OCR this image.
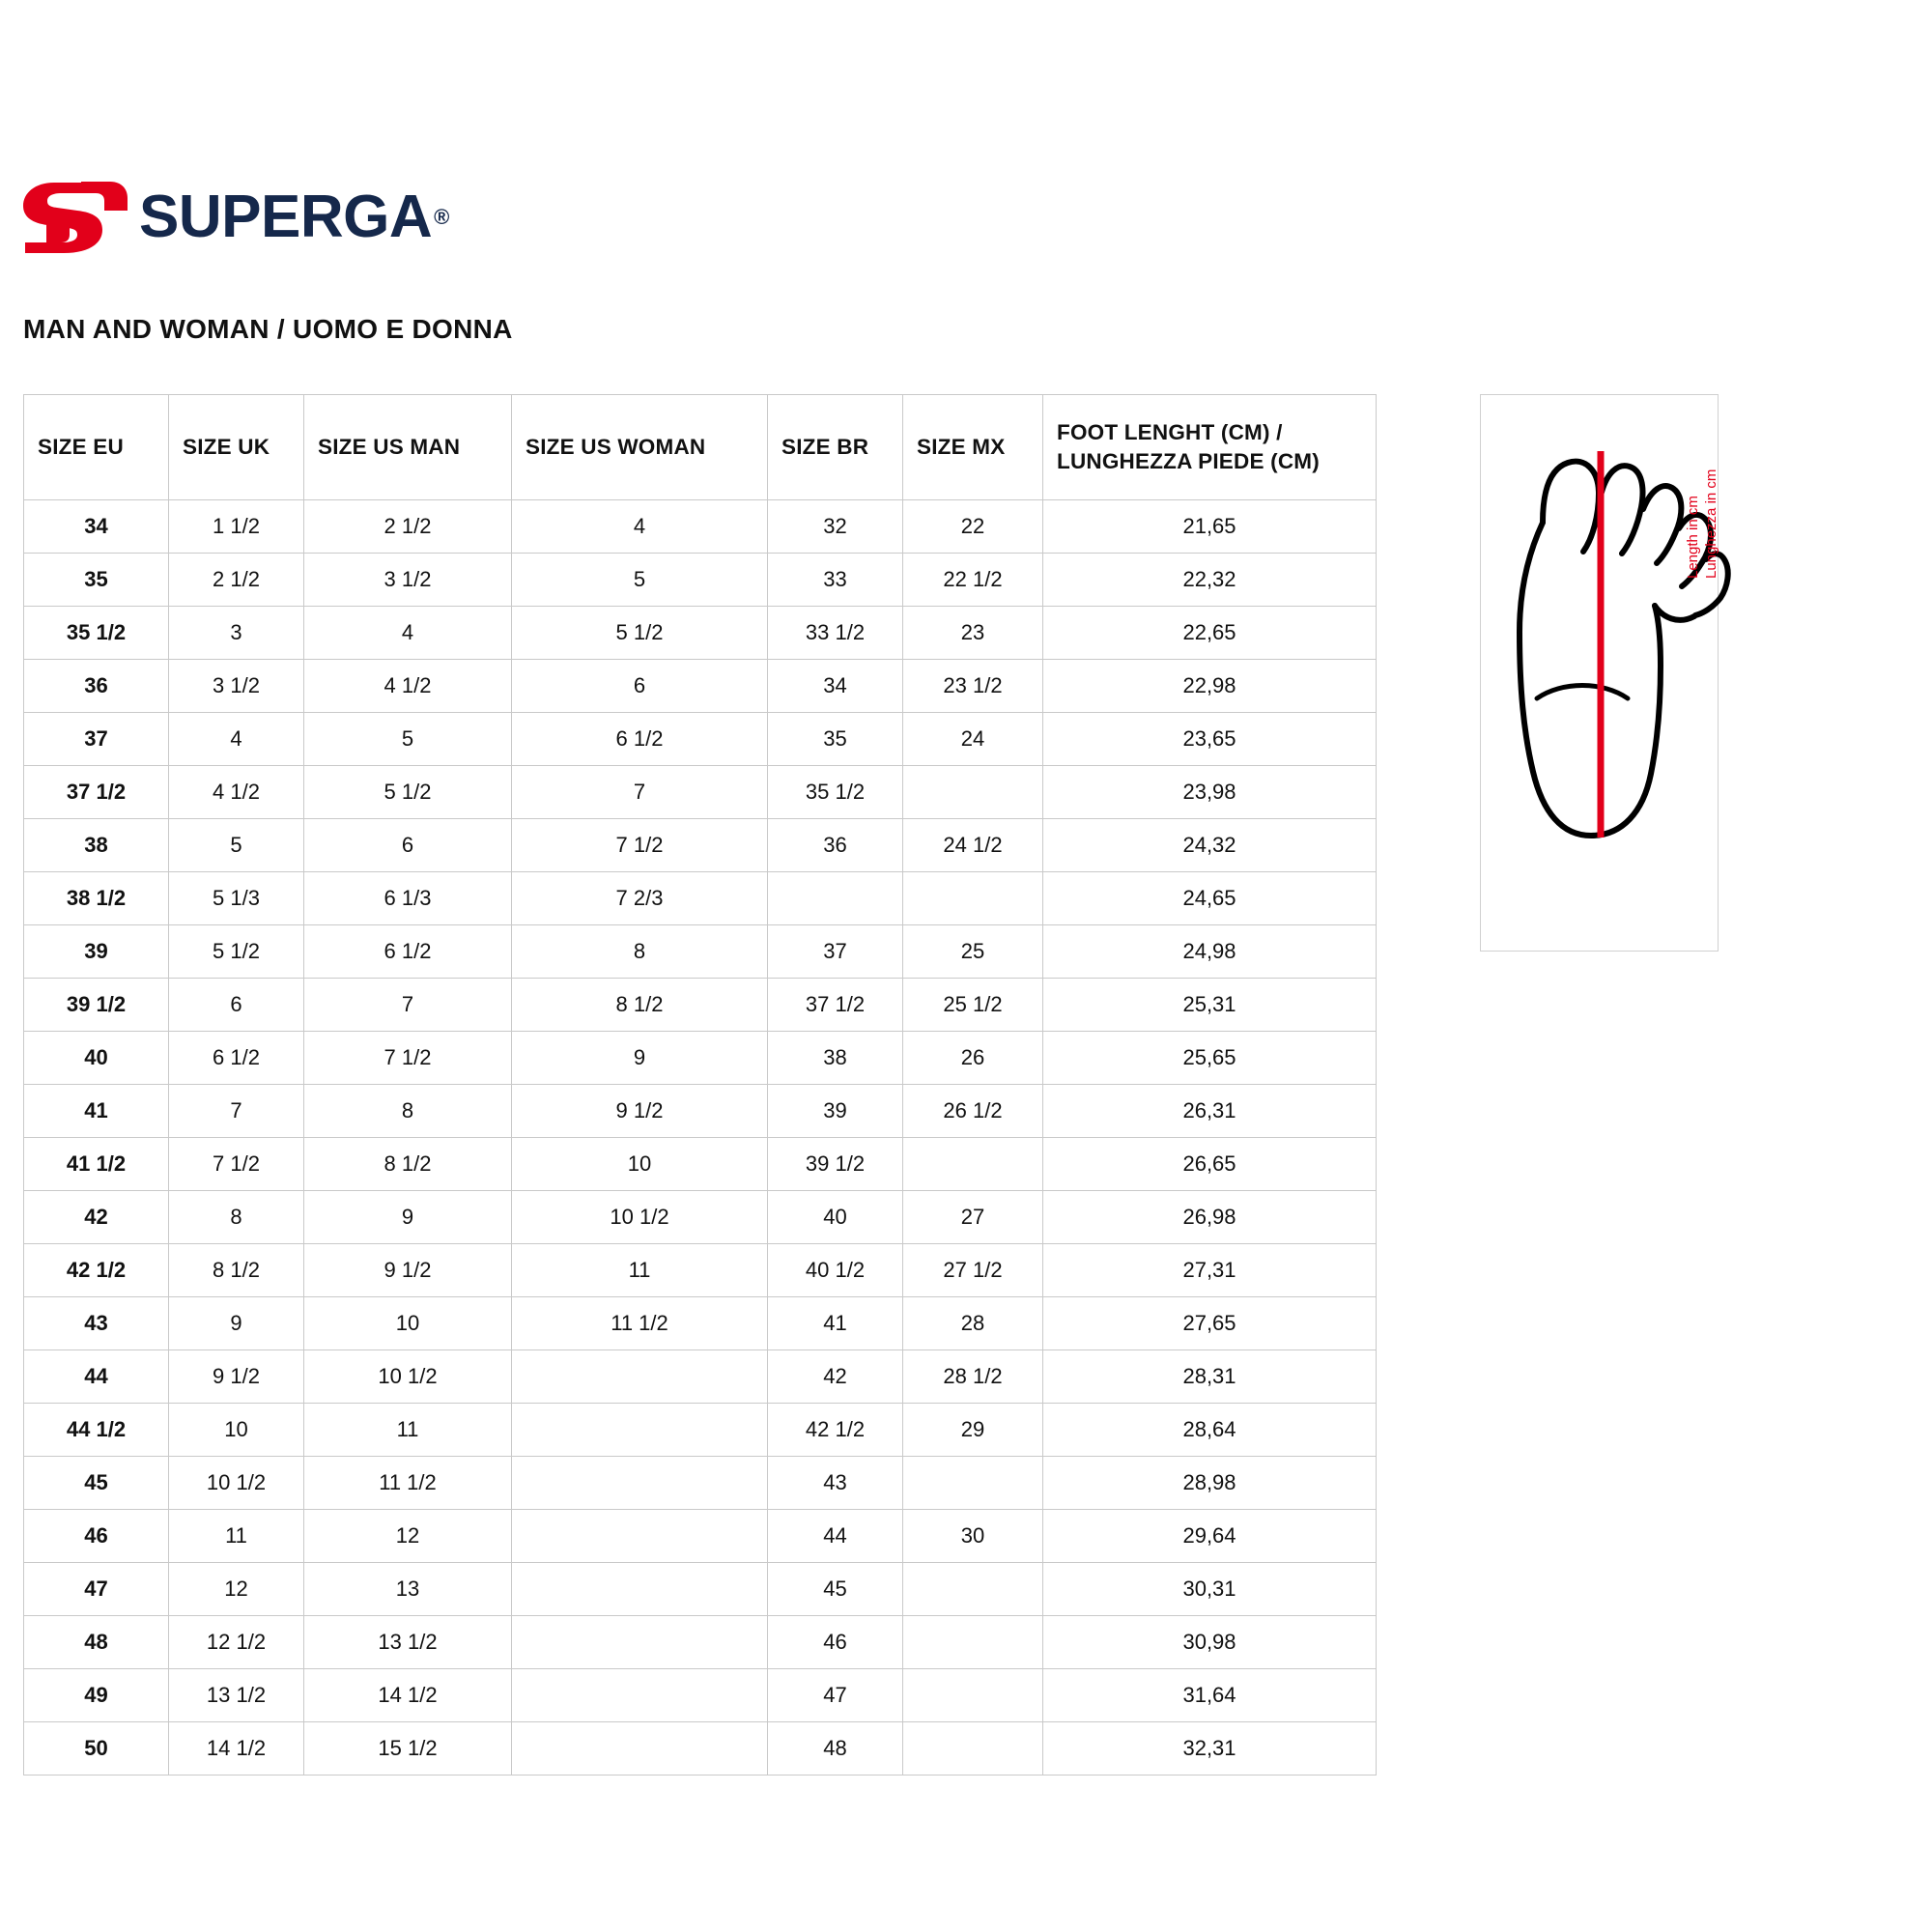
SUPERGA ®
MAN AND WOMAN / UOMO E DONNA
SIZE EU	SIZE UK	SIZE US MAN	SIZE US WOMAN	SIZE BR	SIZE MX	FOOT LENGHT (CM) / LUNGHEZZA PIEDE (CM)
34	1 1/2	2 1/2	4	32	22	21,65
35	2 1/2	3 1/2	5	33	22 1/2	22,32
35 1/2	3	4	5 1/2	33 1/2	23	22,65
36	3 1/2	4 1/2	6	34	23 1/2	22,98
37	4	5	6 1/2	35	24	23,65
37 1/2	4 1/2	5 1/2	7	35 1/2		23,98
38	5	6	7 1/2	36	24 1/2	24,32
38 1/2	5 1/3	6 1/3	7 2/3			24,65
39	5 1/2	6 1/2	8	37	25	24,98
39 1/2	6	7	8 1/2	37 1/2	25 1/2	25,31
40	6 1/2	7 1/2	9	38	26	25,65
41	7	8	9 1/2	39	26 1/2	26,31
41 1/2	7 1/2	8 1/2	10	39 1/2		26,65
42	8	9	10 1/2	40	27	26,98
42 1/2	8 1/2	9 1/2	11	40 1/2	27 1/2	27,31
43	9	10	11 1/2	41	28	27,65
44	9 1/2	10 1/2		42	28 1/2	28,31
44 1/2	10	11		42 1/2	29	28,64
45	10 1/2	11 1/2		43		28,98
46	11	12		44	30	29,64
47	12	13		45		30,31
48	12 1/2	13 1/2		46		30,98
49	13 1/2	14 1/2		47		31,64
50	14 1/2	15 1/2		48		32,31
Length in cm Lunghezza in cm
